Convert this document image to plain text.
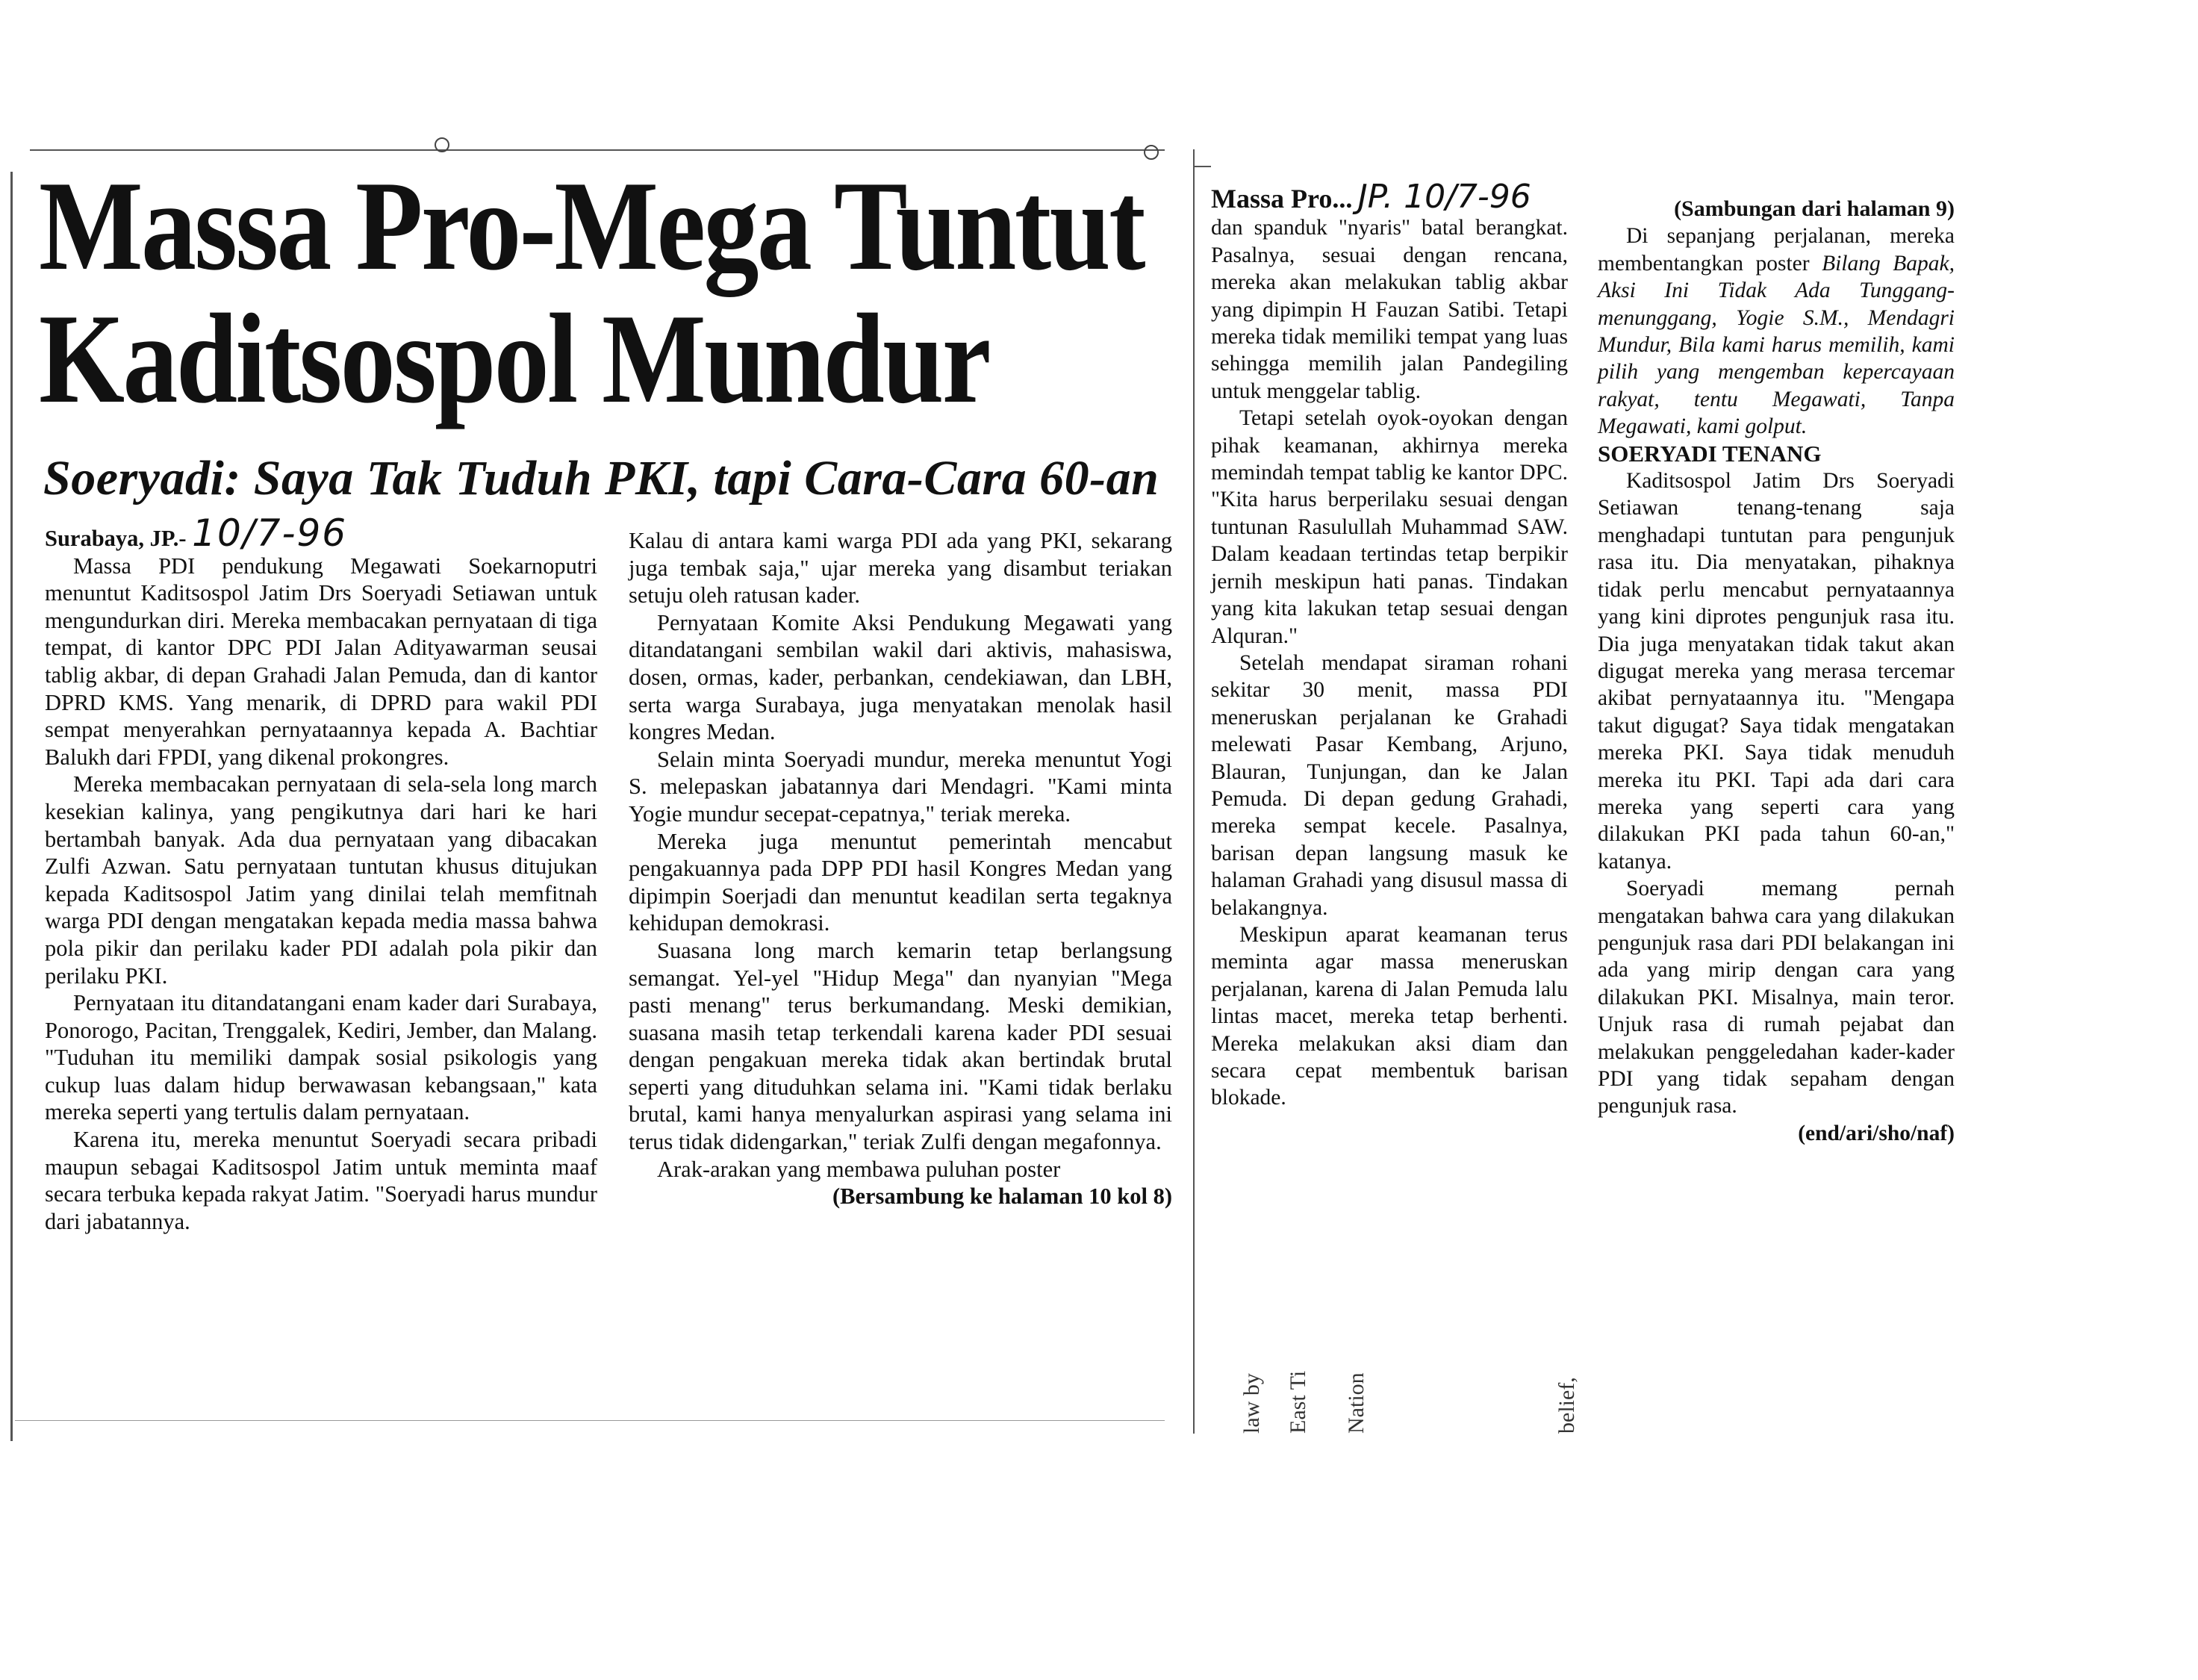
Massa Pro-Mega Tuntut
Kaditsospol Mundur
Soeryadi: Saya Tak Tuduh PKI, tapi Cara-Cara 60-an

Surabaya, JP.- 10/7-96

Massa PDI pendukung Megawati Soekarnoputri menuntut Kaditsospol Jatim Drs Soeryadi Setiawan untuk mengundurkan diri. Mereka membacakan pernyataan di tiga tempat, di kantor DPC PDI Jalan Adityawarman seusai tablig akbar, di depan Grahadi Jalan Pemuda, dan di kantor DPRD KMS. Yang menarik, di DPRD para wakil PDI sempat menyerahkan pernyataannya kepada A. Bachtiar Balukh dari FPDI, yang dikenal prokongres.

Mereka membacakan pernyataan di sela-sela long march kesekian kalinya, yang pengikutnya dari hari ke hari bertambah banyak. Ada dua pernyataan yang dibacakan Zulfi Azwan. Satu pernyataan tuntutan khusus ditujukan kepada Kaditsospol Jatim yang dinilai telah memfitnah warga PDI dengan mengatakan kepada media massa bahwa pola pikir dan perilaku kader PDI adalah pola pikir dan perilaku PKI.

Pernyataan itu ditandatangani enam kader dari Surabaya, Ponorogo, Pacitan, Trenggalek, Kediri, Jember, dan Malang. "Tuduhan itu memiliki dampak sosial psikologis yang cukup luas dalam hidup berwawasan kebangsaan," kata mereka seperti yang tertulis dalam pernyataan.

Karena itu, mereka menuntut Soeryadi secara pribadi maupun sebagai Kaditsospol Jatim untuk meminta maaf secara terbuka kepada rakyat Jatim. "Soeryadi harus mundur dari jabatannya.

Kalau di antara kami warga PDI ada yang PKI, sekarang juga tembak saja," ujar mereka yang disambut teriakan setuju oleh ratusan kader.

Pernyataan Komite Aksi Pendukung Megawati yang ditandatangani sembilan wakil dari aktivis, mahasiswa, dosen, ormas, kader, perbankan, cendekiawan, dan LBH, serta warga Surabaya, juga menyatakan menolak hasil kongres Medan.

Selain minta Soeryadi mundur, mereka menuntut Yogi S. melepaskan jabatannya dari Mendagri. "Kami minta Yogie mundur secepat-cepatnya," teriak mereka.

Mereka juga menuntut pemerintah mencabut pengakuannya pada DPP PDI hasil Kongres Medan yang dipimpin Soerjadi dan menuntut keadilan serta tegaknya kehidupan demokrasi.

Suasana long march kemarin tetap berlangsung semangat. Yel-yel "Hidup Mega" dan nyanyian "Mega pasti menang" terus berkumandang. Meski demikian, suasana masih tetap terkendali karena kader PDI sesuai dengan pengakuan mereka tidak akan bertindak brutal seperti yang dituduhkan selama ini. "Kami tidak berlaku brutal, kami hanya menyalurkan aspirasi yang selama ini terus tidak didengarkan," teriak Zulfi dengan megafonnya.

Arak-arakan yang membawa puluhan poster

(Bersambung ke halaman 10 kol 8)

Massa Pro... JP. 10/7-96

dan spanduk "nyaris" batal berangkat. Pasalnya, sesuai dengan rencana, mereka akan melakukan tablig akbar yang dipimpin H Fauzan Satibi. Tetapi mereka tidak memiliki tempat yang luas sehingga memilih jalan Pandegiling untuk menggelar tablig.

Tetapi setelah oyok-oyokan dengan pihak keamanan, akhirnya mereka memindah tempat tablig ke kantor DPC. "Kita harus berperilaku sesuai dengan tuntunan Rasulullah Muhammad SAW. Dalam keadaan tertindas tetap berpikir jernih meskipun hati panas. Tindakan yang kita lakukan tetap sesuai dengan Alquran."

Setelah mendapat siraman rohani sekitar 30 menit, massa PDI meneruskan perjalanan ke Grahadi melewati Pasar Kembang, Arjuno, Blauran, Tunjungan, dan ke Jalan Pemuda. Di depan gedung Grahadi, mereka sempat kecele. Pasalnya, barisan depan langsung masuk ke halaman Grahadi yang disusul massa di belakangnya.

Meskipun aparat keamanan terus meminta agar massa meneruskan perjalanan, karena di Jalan Pemuda lalu lintas macet, mereka tetap berhenti. Mereka melakukan aksi diam dan secara cepat membentuk barisan blokade.

(Sambungan dari halaman 9)

Di sepanjang perjalanan, mereka membentangkan poster Bilang Bapak, Aksi Ini Tidak Ada Tunggang-menunggang, Yogie S.M., Mendagri Mundur, Bila kami harus memilih, kami pilih yang mengemban kepercayaan rakyat, tentu Megawati, Tanpa Megawati, kami golput.

SOERYADI TENANG

Kaditsospol Jatim Drs Soeryadi Setiawan tenang-tenang saja menghadapi tuntutan para pengunjuk rasa itu. Dia menyatakan, pihaknya tidak perlu mencabut pernyataannya yang kini diprotes pengunjuk rasa itu. Dia juga menyatakan tidak takut akan digugat mereka yang merasa tercemar akibat pernyataannya itu. "Mengapa takut digugat? Saya tidak mengatakan mereka PKI. Saya tidak menuduh mereka itu PKI. Tapi ada dari cara mereka yang seperti cara yang dilakukan PKI pada tahun 60-an," katanya.

Soeryadi memang pernah mengatakan bahwa cara yang dilakukan pengunjuk rasa dari PDI belakangan ini ada yang mirip dengan cara yang dilakukan PKI. Misalnya, main teror. Unjuk rasa di rumah pejabat dan melakukan penggeledahan kader-kader PDI yang tidak sepaham dengan pengunjuk rasa.

(end/ari/sho/naf)

law by East Ti Nation	belief,
